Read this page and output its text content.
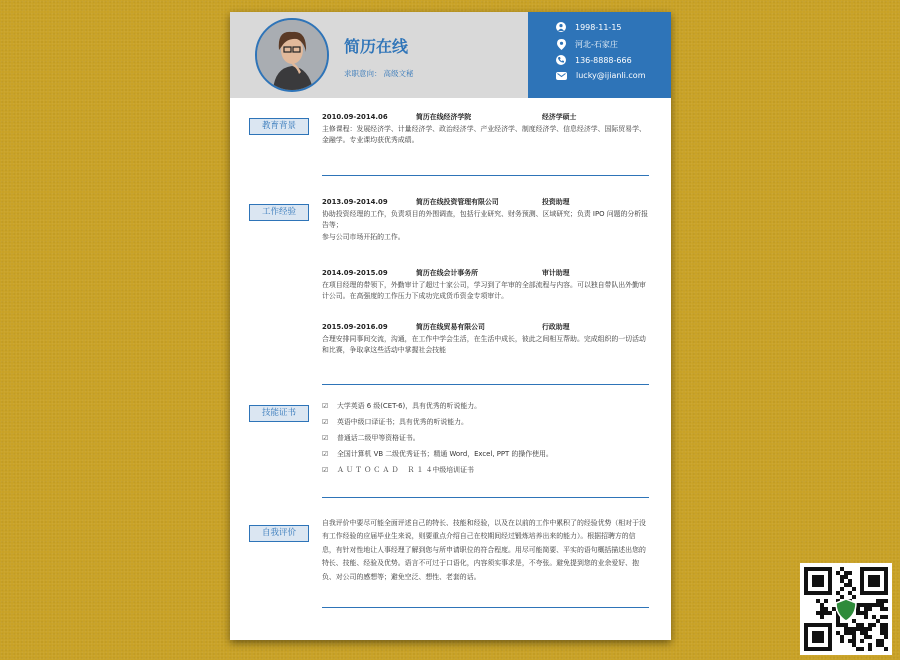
简历在线
求职意向： 高级文秘
1998-11-15
河北-石家庄
136-8888-666
lucky@ijianli.com
教育背景
2010.09-2014.06	简历在线经济学院	经济学硕士
主修课程：发展经济学、计量经济学、政治经济学、产业经济学、制度经济学、信息经济学、国际贸易学、金融学。专业课均获优秀成绩。
工作经验
2013.09-2014.09	简历在线投资管理有限公司	投资助理
协助投资经理的工作，负责项目的外围调查，包括行业研究、财务预测、区域研究；负责 IPO 问题的分析报告等；
参与公司市场开拓的工作。
2014.09-2015.09	简历在线会计事务所	审计助理
在项目经理的带领下，外勤审计了超过十家公司，学习到了年审的全部流程与内容。可以独自带队出外勤审计公司。在高强度的工作压力下成功完成货币资金专项审计。
2015.09-2016.09	简历在线贸易有限公司	行政助理
合理安排同事间交流，沟通，在工作中学会生活，在生活中成长，彼此之间相互帮助。完成组织的一切活动和比赛，争取拿这些活动中掌握社会技能
技能证书
☑	大学英语 6 级(CET-6)，具有优秀的听说能力。
☑	英语中级口译证书；具有优秀的听说能力。
☑	普通话二级甲等资格证书。
☑	全国计算机 VB 二级优秀证书；精通 Word，Excel, PPT 的操作使用。
☑	Ａ Ｕ Ｔ Ｏ Ｃ Ａ Ｄ 　Ｒ １ ４中级培训证书
自我评价
自我评价中要尽可能全面评述自己的特长、技能和经验，以及在以前的工作中累积了的经验优势（相对于没有工作经验的应届毕业生来说，则要重点介绍自己在校期间经过锻炼培养出来的能力）。根据招聘方的信息，有针对性地让人事经理了解到您与所申请职位的符合程度。用尽可能简要、平实的语句概括描述出您的特长、技能、经验及优势。语言不可过于口语化，内容须实事求是，不夸张。避免提到您的业余爱好、抱负、对公司的感想等；避免空泛、想性、老套的话。
